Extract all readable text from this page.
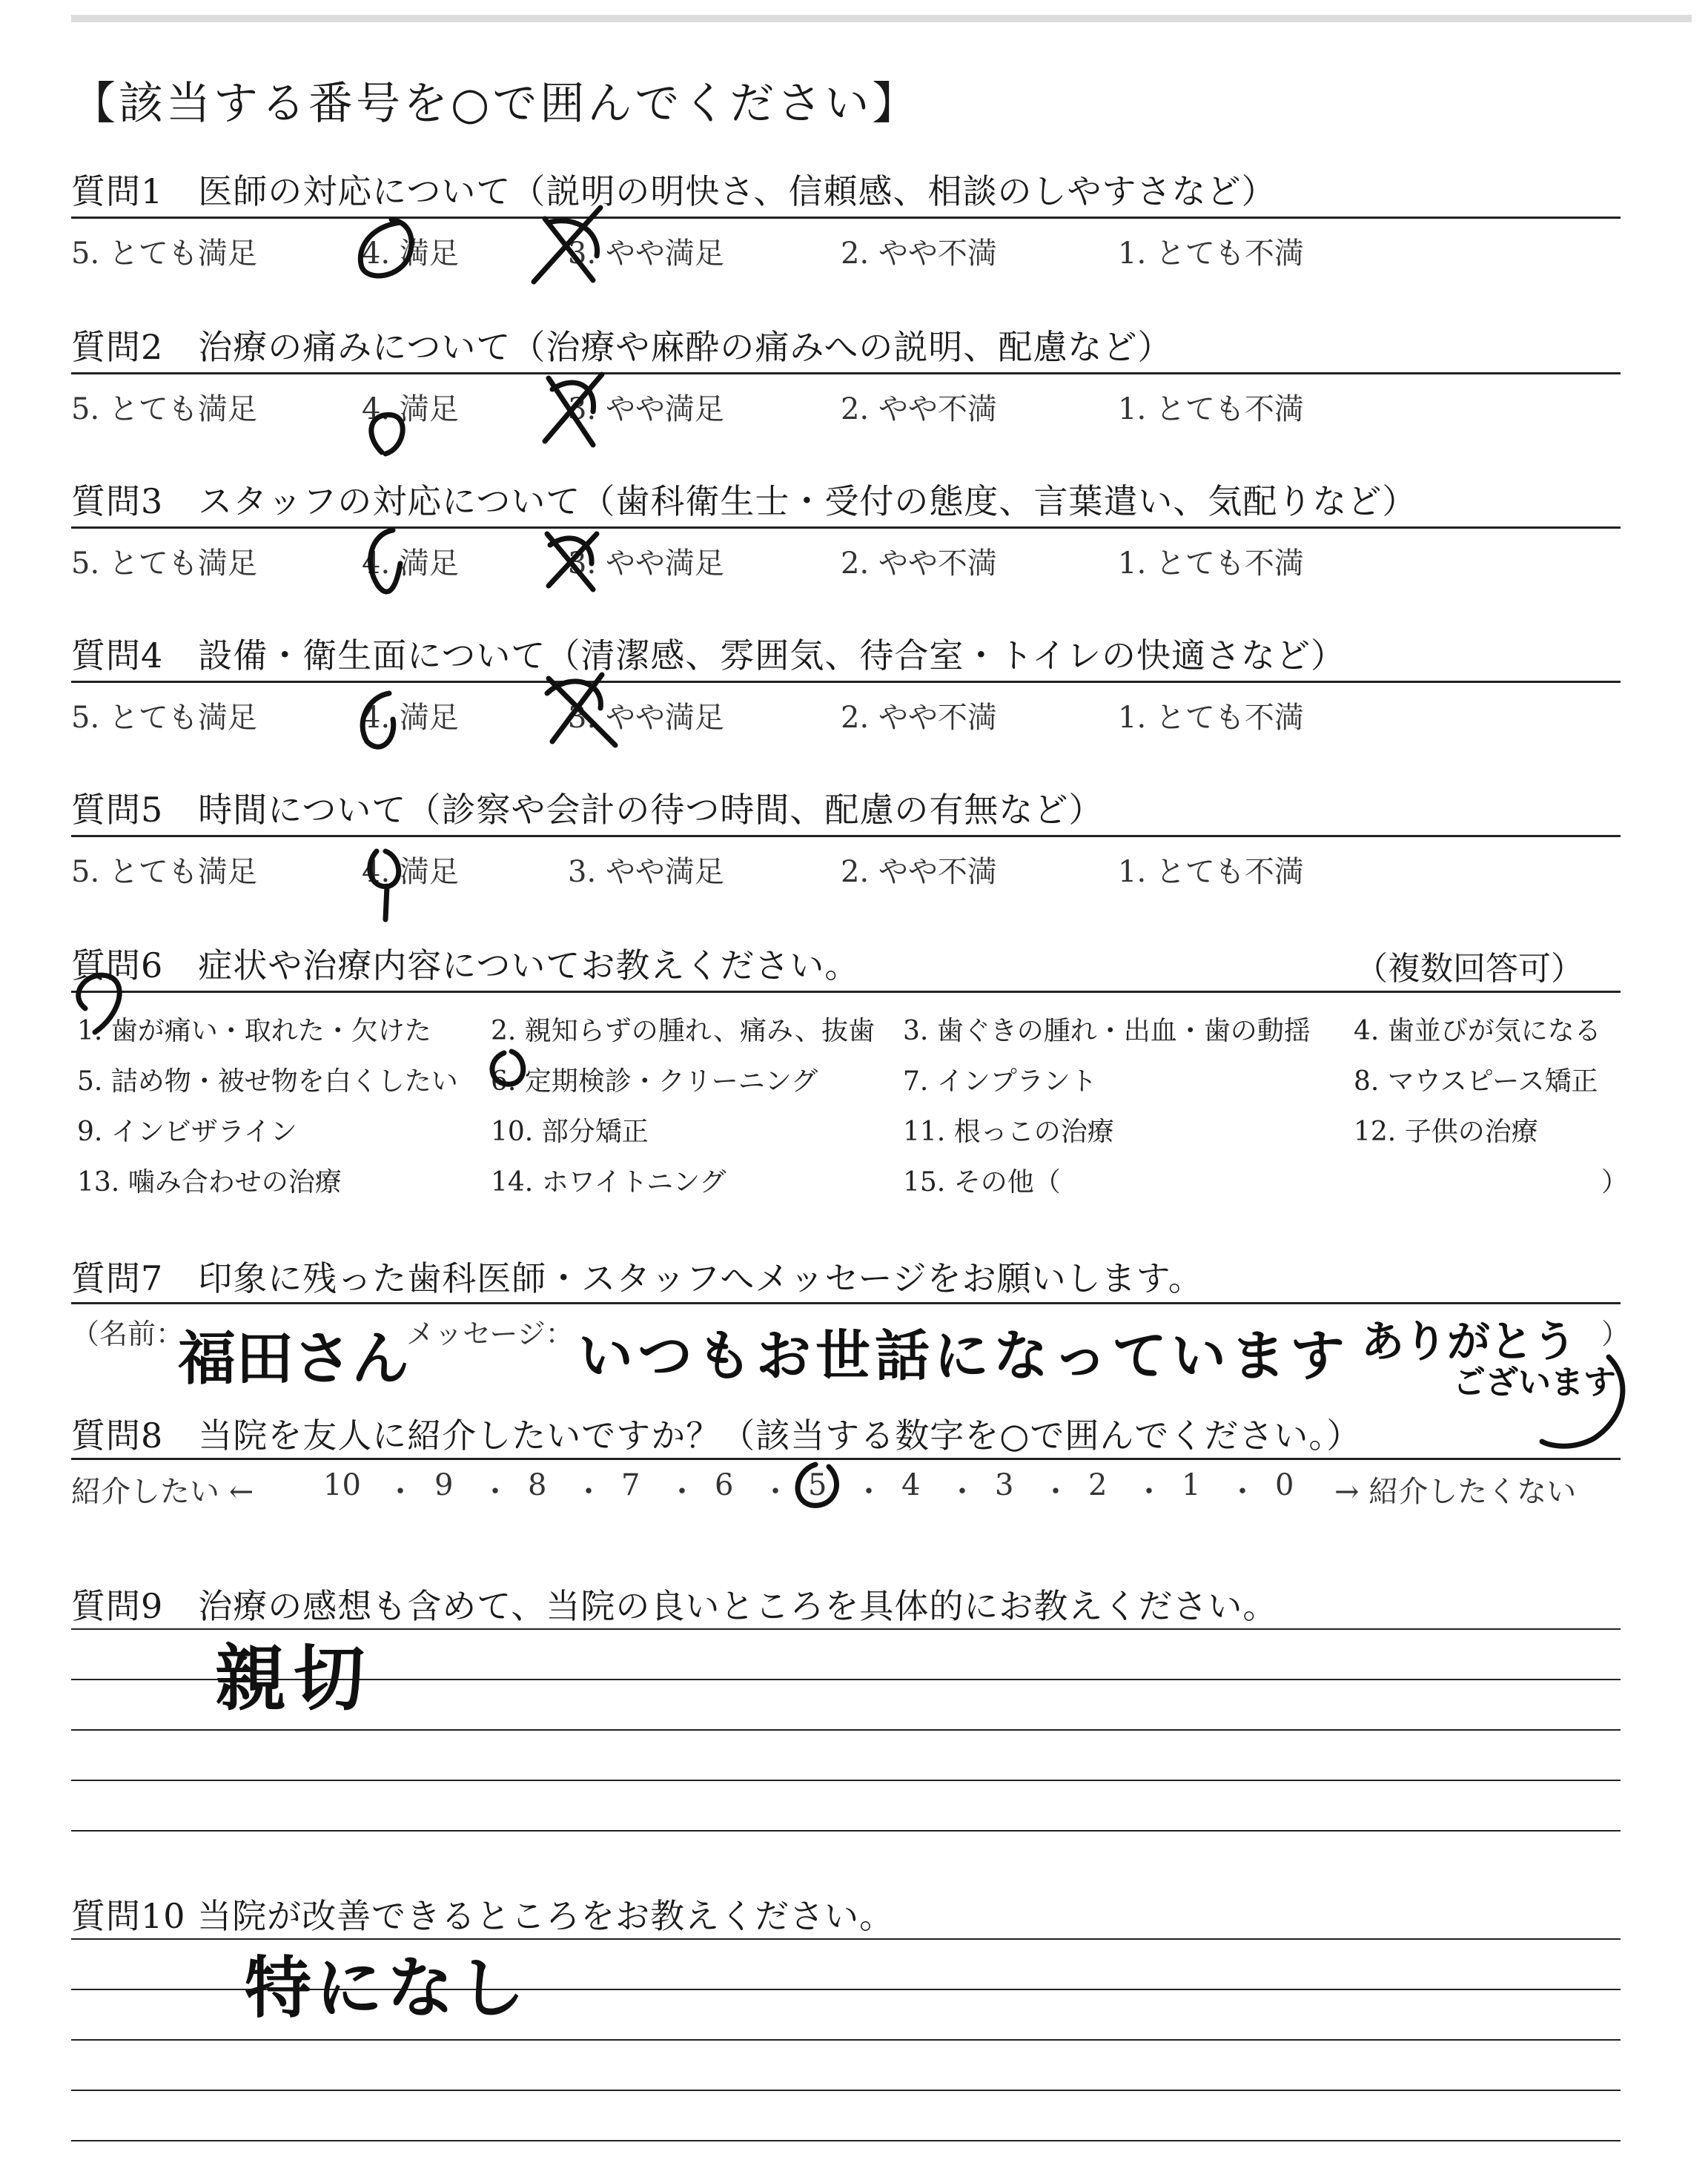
【該当する番号を○で囲んでください】
質問1　医師の対応について（説明の明快さ、信頼感、相談のしやすさなど）
5. とても満足	4. 満足	3. やや満足	2. やや不満	1. とても不満
質問2　治療の痛みについて（治療や麻酔の痛みへの説明、配慮など）
5. とても満足	4. 満足	3. やや満足	2. やや不満	1. とても不満
質問3　スタッフの対応について（歯科衛生士・受付の態度、言葉遣い、気配りなど）
5. とても満足	4. 満足	3. やや満足	2. やや不満	1. とても不満
質問4　設備・衛生面について（清潔感、雰囲気、待合室・トイレの快適さなど）
5. とても満足	4. 満足	3. やや満足	2. やや不満	1. とても不満
質問5　時間について（診察や会計の待つ時間、配慮の有無など）
5. とても満足	4. 満足	3. やや満足	2. やや不満	1. とても不満
質問6　症状や治療内容についてお教えください。	（複数回答可）
1. 歯が痛い・取れた・欠けた 2. 親知らずの腫れ、痛み、抜歯 3. 歯ぐきの腫れ・出血・歯の動揺 4. 歯並びが気になる
5. 詰め物・被せ物を白くしたい 6. 定期検診・クリーニング	7. インプラント	8. マウスピース矯正
9. インビザライン	10. 部分矯正	11. 根っこの治療	12. 子供の治療
13. 噛み合わせの治療	14. ホワイトニング	15. その他（	）
質問7　印象に残った歯科医師・スタッフへメッセージをお願いします。
（名前：	メッセージ：	）
福田さん	いつもお世話になっています ありがとう
ございます
質問8　当院を友人に紹介したいですか？（該当する数字を○で囲んでください。）
紹介したい ← 10 ・ 9 ・ 8 ・ 7 ・ 6 ・ 5 ・ 4 ・ 3 ・ 2 ・ 1 ・ 0 → 紹介したくない
質問9　治療の感想も含めて、当院の良いところを具体的にお教えください。
親切
質問10 当院が改善できるところをお教えください。
特になし
